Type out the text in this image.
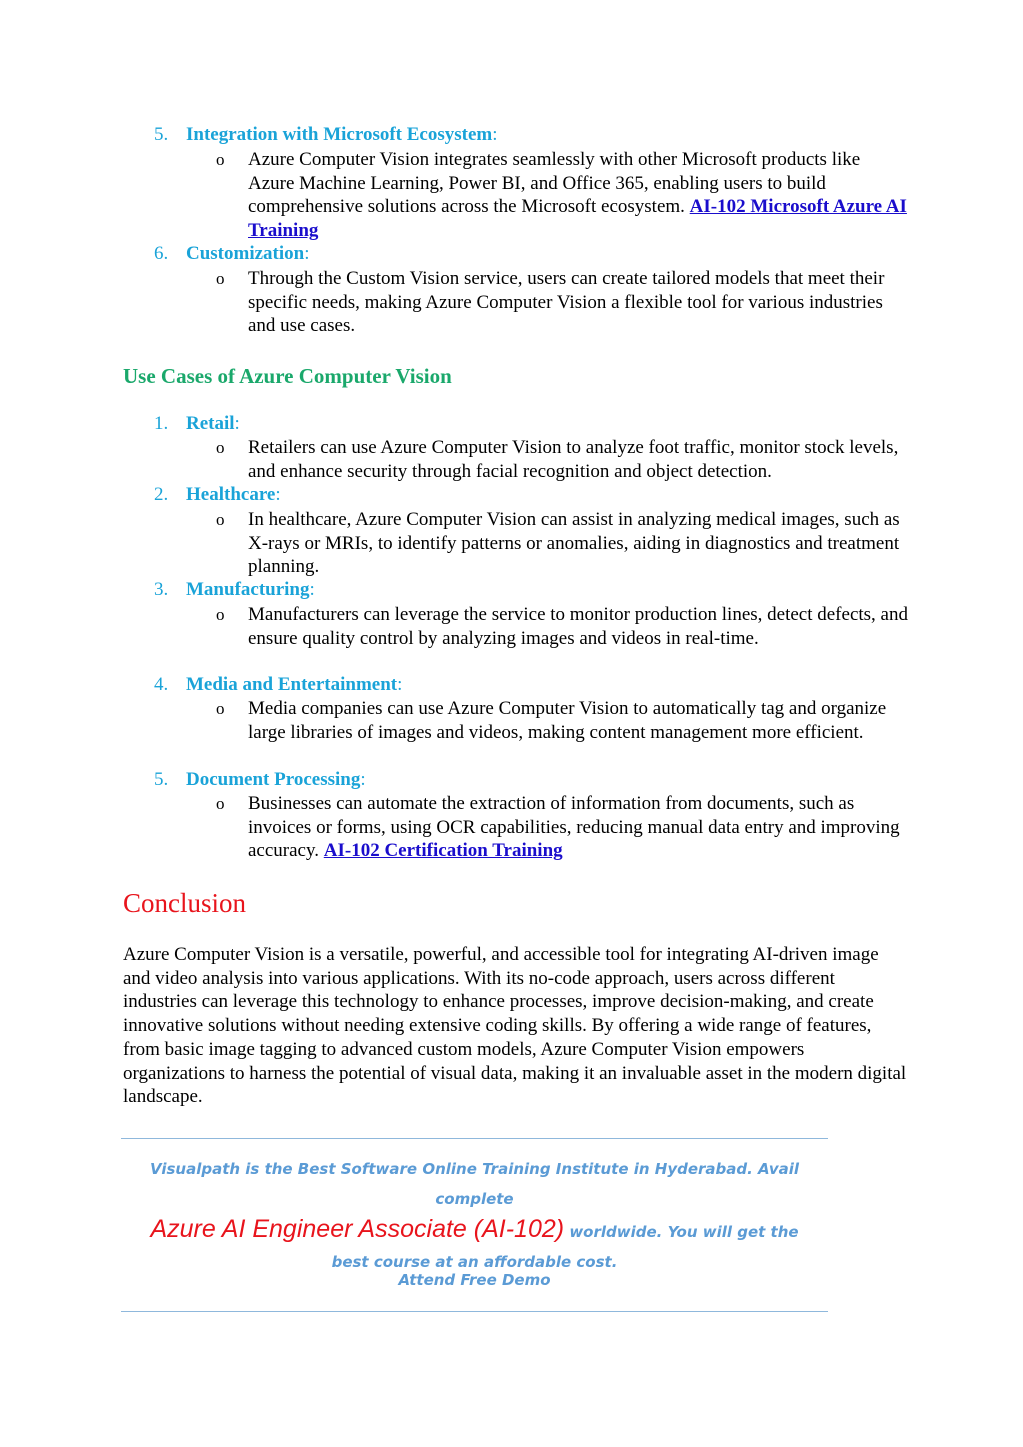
5. Integration with Microsoft Ecosystem:
o	Azure Computer Vision integrates seamlessly with other Microsoft products like Azure Machine Learning, Power BI, and Office 365, enabling users to build comprehensive solutions across the Microsoft ecosystem. AI-102 Microsoft Azure AI Training
6. Customization:
o	Through the Custom Vision service, users can create tailored models that meet their specific needs, making Azure Computer Vision a flexible tool for various industries and use cases.
Use Cases of Azure Computer Vision
1. Retail:
o	Retailers can use Azure Computer Vision to analyze foot traffic, monitor stock levels, and enhance security through facial recognition and object detection.
2. Healthcare:
o	In healthcare, Azure Computer Vision can assist in analyzing medical images, such as X-rays or MRIs, to identify patterns or anomalies, aiding in diagnostics and treatment planning.
3. Manufacturing:
o	Manufacturers can leverage the service to monitor production lines, detect defects, and ensure quality control by analyzing images and videos in real-time.
4. Media and Entertainment:
o	Media companies can use Azure Computer Vision to automatically tag and organize large libraries of images and videos, making content management more efficient.
5. Document Processing:
o	Businesses can automate the extraction of information from documents, such as invoices or forms, using OCR capabilities, reducing manual data entry and improving accuracy. AI-102 Certification Training
Conclusion
Azure Computer Vision is a versatile, powerful, and accessible tool for integrating AI-driven image and video analysis into various applications. With its no-code approach, users across different industries can leverage this technology to enhance processes, improve decision-making, and create innovative solutions without needing extensive coding skills. By offering a wide range of features, from basic image tagging to advanced custom models, Azure Computer Vision empowers organizations to harness the potential of visual data, making it an invaluable asset in the modern digital landscape.
Visualpath is the Best Software Online Training Institute in Hyderabad. Avail complete
Azure AI Engineer Associate (AI-102) worldwide. You will get the
best course at an affordable cost.
Attend Free Demo
